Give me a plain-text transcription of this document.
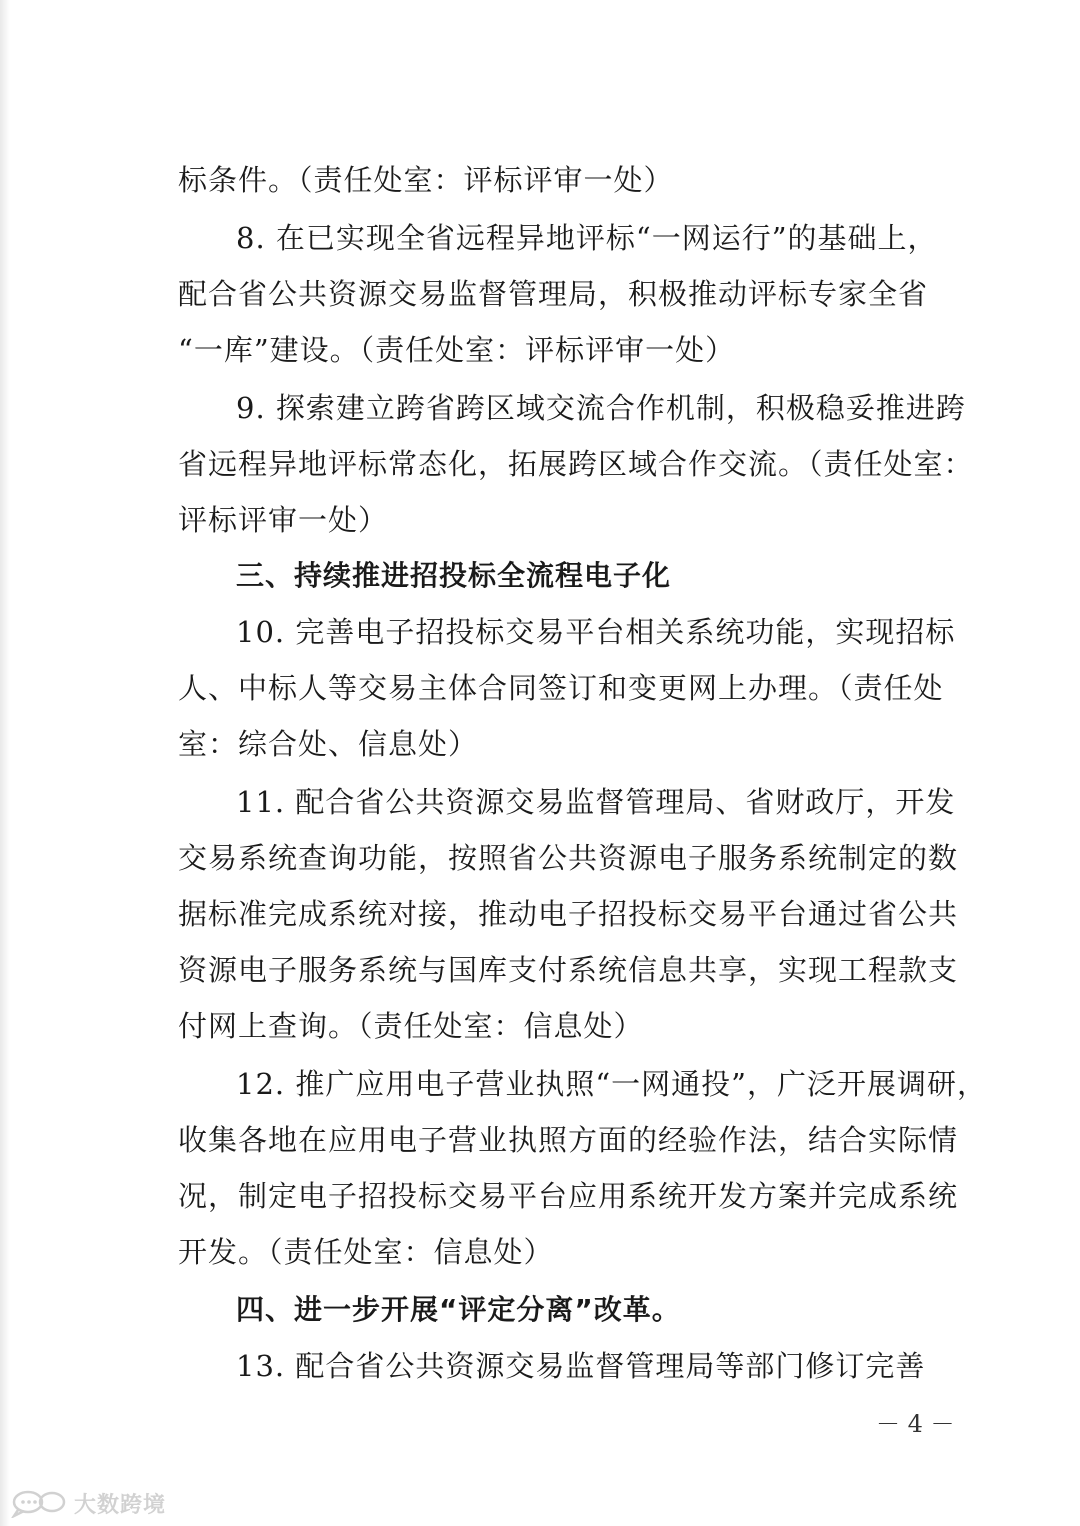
标条件。（责任处室：评标评审一处）
8. 在已实现全省远程异地评标“一网运行”的基础上，
配合省公共资源交易监督管理局，积极推动评标专家全省
“一库”建设。（责任处室：评标评审一处）
9. 探索建立跨省跨区域交流合作机制，积极稳妥推进跨
省远程异地评标常态化，拓展跨区域合作交流。（责任处室：
评标评审一处）
三、持续推进招投标全流程电子化
10. 完善电子招投标交易平台相关系统功能，实现招标
人、中标人等交易主体合同签订和变更网上办理。（责任处
室：综合处、信息处）
11. 配合省公共资源交易监督管理局、省财政厅，开发
交易系统查询功能，按照省公共资源电子服务系统制定的数
据标准完成系统对接，推动电子招投标交易平台通过省公共
资源电子服务系统与国库支付系统信息共享，实现工程款支
付网上查询。（责任处室：信息处）
12. 推广应用电子营业执照“一网通投”，广泛开展调研，
收集各地在应用电子营业执照方面的经验作法，结合实际情
况，制定电子招投标交易平台应用系统开发方案并完成系统
开发。（责任处室：信息处）
四、进一步开展“评定分离”改革。
13. 配合省公共资源交易监督管理局等部门修订完善
－ 4 －
大数跨境
